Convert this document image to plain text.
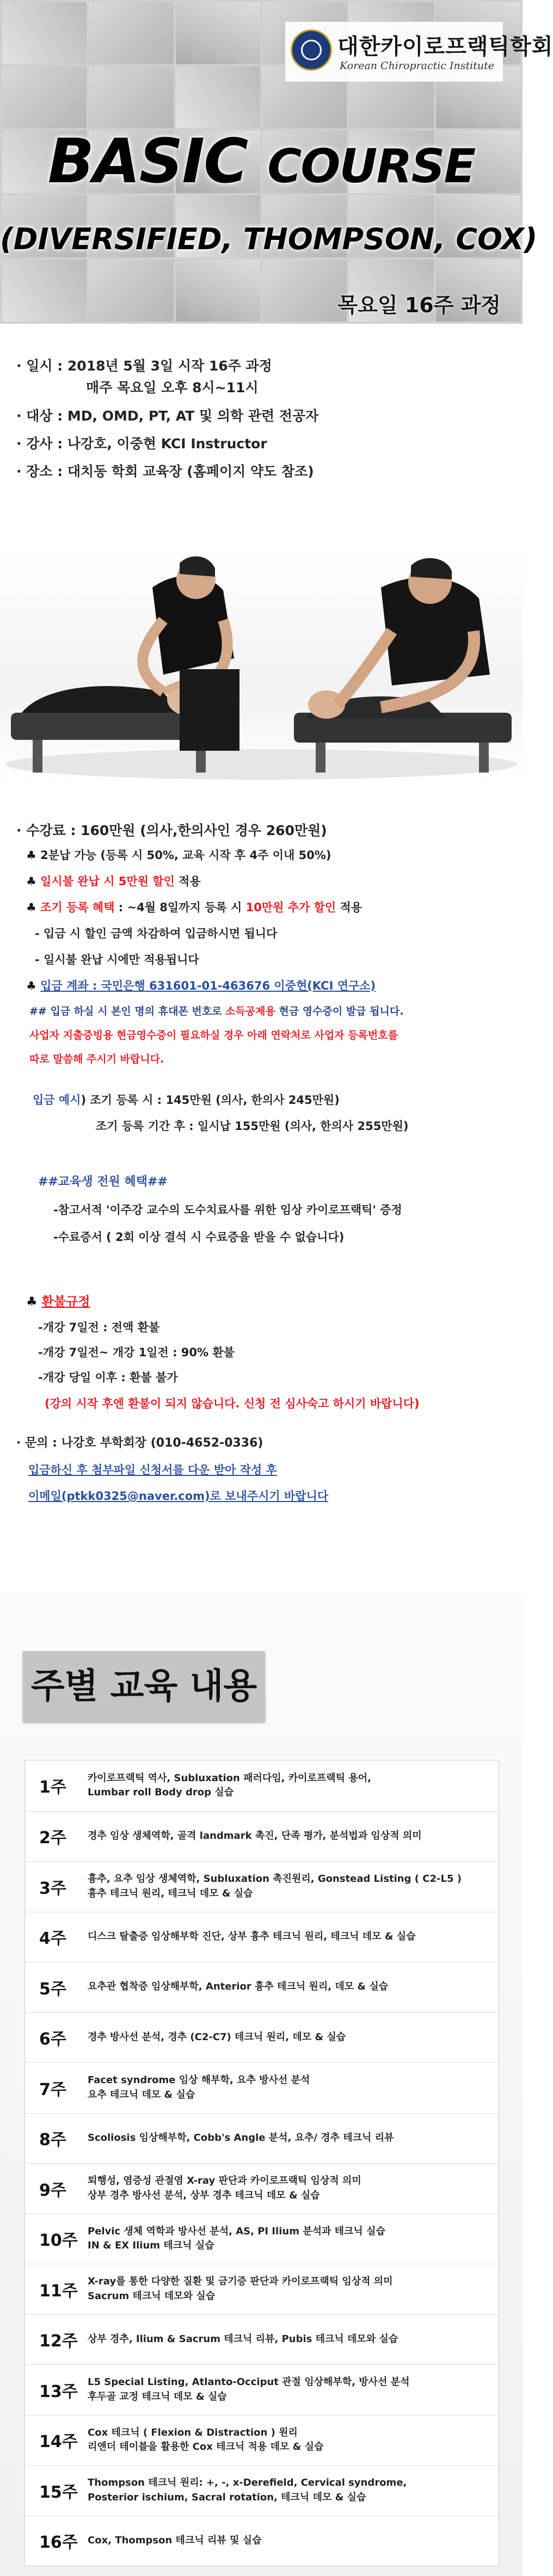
대한카이로프랙틱학회
Korean Chiropractic Institute
BASIC COURSE
(DIVERSIFIED, THOMPSON, COX)
목요일 16주 과정
· 일시 : 2018년 5월 3일 시작 16주 과정
매주 목요일 오후 8시~11시
· 대상 : MD, OMD, PT, AT 및 의학 관련 전공자
· 강사 : 나강호, 이중현 KCI Instructor
· 장소 : 대치동 학회 교육장 (홈페이지 약도 참조)
· 수강료 : 160만원 (의사,한의사인 경우 260만원)
♣ 2분납 가능 (등록 시 50%, 교육 시작 후 4주 이내 50%)
♣ 일시불 완납 시 5만원 할인 적용
♣ 조기 등록 혜택 : ~4월 8일까지 등록 시 10만원 추가 할인 적용
- 입금 시 할인 금액 차감하여 입금하시면 됩니다
- 일시불 완납 시에만 적용됩니다
♣ 입금 계좌 : 국민은행 631601-01-463676 이중현(KCI 연구소)
## 입금 하실 시 본인 명의 휴대폰 번호로 소득공제용 현금 영수증이 발급 됩니다.
사업자 지출증빙용 현금영수증이 필요하실 경우 아래 연락처로 사업자 등록번호를
따로 말씀해 주시기 바랍니다.
입금 예시) 조기 등록 시 : 145만원 (의사, 한의사 245만원)
조기 등록 기간 후 : 일시납 155만원 (의사, 한의사 255만원)
##교육생 전원 혜택##
-참고서적 '이주강 교수의 도수치료사를 위한 임상 카이로프랙틱' 증정
-수료증서 ( 2회 이상 결석 시 수료증을 받을 수 없습니다)
♣ 환불규정
-개강 7일전 : 전액 환불
-개강 7일전~ 개강 1일전 : 90% 환불
-개강 당일 이후 : 환불 불가
(강의 시작 후엔 환불이 되지 않습니다. 신청 전 심사숙고 하시기 바랍니다)
· 문의 : 나강호 부학회장 (010-4652-0336)
입금하신 후 첨부파일 신청서를 다운 받아 작성 후
이메일(ptkk0325@naver.com)로 보내주시기 바랍니다
주별 교육 내용
1주 카이로프랙틱 역사, Subluxation 패러다임, 카이로프랙틱 용어,
Lumbar roll Body drop 실습
2주 경추 임상 생체역학, 골격 landmark 촉진, 단족 평가, 분석법과 임상적 의미
3주 흉추, 요추 임상 생체역학, Subluxation 촉진원리, Gonstead Listing ( C2-L5 )
흉추 테크닉 원리, 테크닉 데모 & 실습
4주 디스크 탈출증 임상해부학 진단, 상부 흉추 테크닉 원리, 테크닉 데모 & 실습
5주 요추관 협착증 임상해부학, Anterior 흉추 테크닉 원리, 데모 & 실습
6주 경추 방사선 분석, 경추 (C2-C7) 테크닉 원리, 데모 & 실습
7주 Facet syndrome 임상 해부학, 요추 방사선 분석
요추 테크닉 데모 & 실습
8주 Scoliosis 임상해부학, Cobb's Angle 분석, 요추/ 경추 테크닉 리뷰
9주 퇴행성, 염증성 관절염 X-ray 판단과 카이로프랙틱 임상적 의미
상부 경추 방사선 분석, 상부 경추 테크닉 데모 & 실습
10주 Pelvic 생체 역학과 방사선 분석, AS, PI Ilium 분석과 테크닉 실습
IN & EX Ilium 테크닉 실습
11주 X-ray를 통한 다양한 질환 및 금기증 판단과 카이로프랙틱 임상적 의미
Sacrum 테크닉 데모와 실습
12주 상부 경추, Ilium & Sacrum 테크닉 리뷰, Pubis 테크닉 데모와 실습
13주 L5 Special Listing, Atlanto-Occiput 관절 임상해부학, 방사선 분석
후두골 교정 테크닉 데모 & 실습
14주 Cox 테크닉 ( Flexion & Distraction ) 원리
리앤더 테이블을 활용한 Cox 테크닉 적용 데모 & 실습
15주 Thompson 테크닉 원리: +, -, x-Derefield, Cervical syndrome,
Posterior ischium, Sacral rotation, 테크닉 데모 & 실습
16주 Cox, Thompson 테크닉 리뷰 및 실습
